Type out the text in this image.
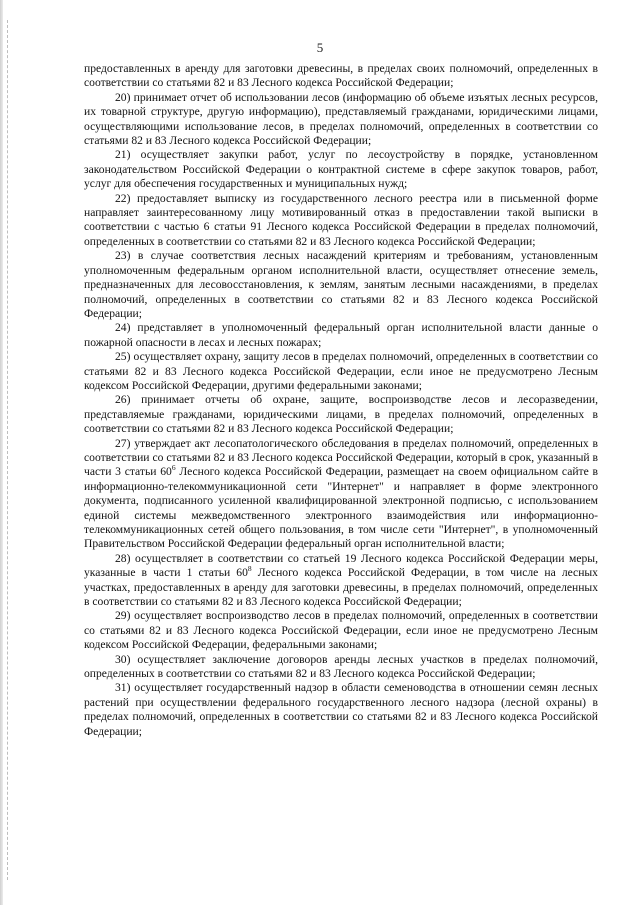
5

предоставленных в аренду для заготовки древесины, в пределах своих полномочий, определенных в соответствии со статьями 82 и 83 Лесного кодекса Российской Федерации;

20) принимает отчет об использовании лесов (информацию об объеме изъятых лесных ресурсов, их товарной структуре, другую информацию), представляемый гражданами, юридическими лицами, осуществляющими использование лесов, в пределах полномочий, определенных в соответствии со статьями 82 и 83 Лесного кодекса Российской Федерации;

21) осуществляет закупки работ, услуг по лесоустройству в порядке, установленном законодательством Российской Федерации о контрактной системе в сфере закупок товаров, работ, услуг для обеспечения государственных и муниципальных нужд;

22) предоставляет выписку из государственного лесного реестра или в письменной форме направляет заинтересованному лицу мотивированный отказ в предоставлении такой выписки в соответствии с частью 6 статьи 91 Лесного кодекса Российской Федерации в пределах полномочий, определенных в соответствии со статьями 82 и 83 Лесного кодекса Российской Федерации;

23) в случае соответствия лесных насаждений критериям и требованиям, установленным уполномоченным федеральным органом исполнительной власти, осуществляет отнесение земель, предназначенных для лесовосстановления, к землям, занятым лесными насаждениями, в пределах полномочий, определенных в соответствии со статьями 82 и 83 Лесного кодекса Российской Федерации;

24) представляет в уполномоченный федеральный орган исполнительной власти данные о пожарной опасности в лесах и лесных пожарах;

25) осуществляет охрану, защиту лесов в пределах полномочий, определенных в соответствии со статьями 82 и 83 Лесного кодекса Российской Федерации, если иное не предусмотрено Лесным кодексом Российской Федерации, другими федеральными законами;

26) принимает отчеты об охране, защите, воспроизводстве лесов и лесоразведении, представляемые гражданами, юридическими лицами, в пределах полномочий, определенных в соответствии со статьями 82 и 83 Лесного кодекса Российской Федерации;

27) утверждает акт лесопатологического обследования в пределах полномочий, определенных в соответствии со статьями 82 и 83 Лесного кодекса Российской Федерации, который в срок, указанный в части 3 статьи $60^6$ Лесного кодекса Российской Федерации, размещает на своем официальном сайте в информационно-телекоммуникационной сети "Интернет" и направляет в форме электронного документа, подписанного усиленной квалифицированной электронной подписью, с использованием единой системы межведомственного электронного взаимодействия или информационно-телекоммуникационных сетей общего пользования, в том числе сети "Интернет", в уполномоченный Правительством Российской Федерации федеральный орган исполнительной власти;

28) осуществляет в соответствии со статьей 19 Лесного кодекса Российской Федерации меры, указанные в части 1 статьи $60^8$ Лесного кодекса Российской Федерации, в том числе на лесных участках, предоставленных в аренду для заготовки древесины, в пределах полномочий, определенных в соответствии со статьями 82 и 83 Лесного кодекса Российской Федерации;

29) осуществляет воспроизводство лесов в пределах полномочий, определенных в соответствии со статьями 82 и 83 Лесного кодекса Российской Федерации, если иное не предусмотрено Лесным кодексом Российской Федерации, федеральными законами;

30) осуществляет заключение договоров аренды лесных участков в пределах полномочий, определенных в соответствии со статьями 82 и 83 Лесного кодекса Российской Федерации;

31) осуществляет государственный надзор в области семеноводства в отношении семян лесных растений при осуществлении федерального государственного лесного надзора (лесной охраны) в пределах полномочий, определенных в соответствии со статьями 82 и 83 Лесного кодекса Российской Федерации;
